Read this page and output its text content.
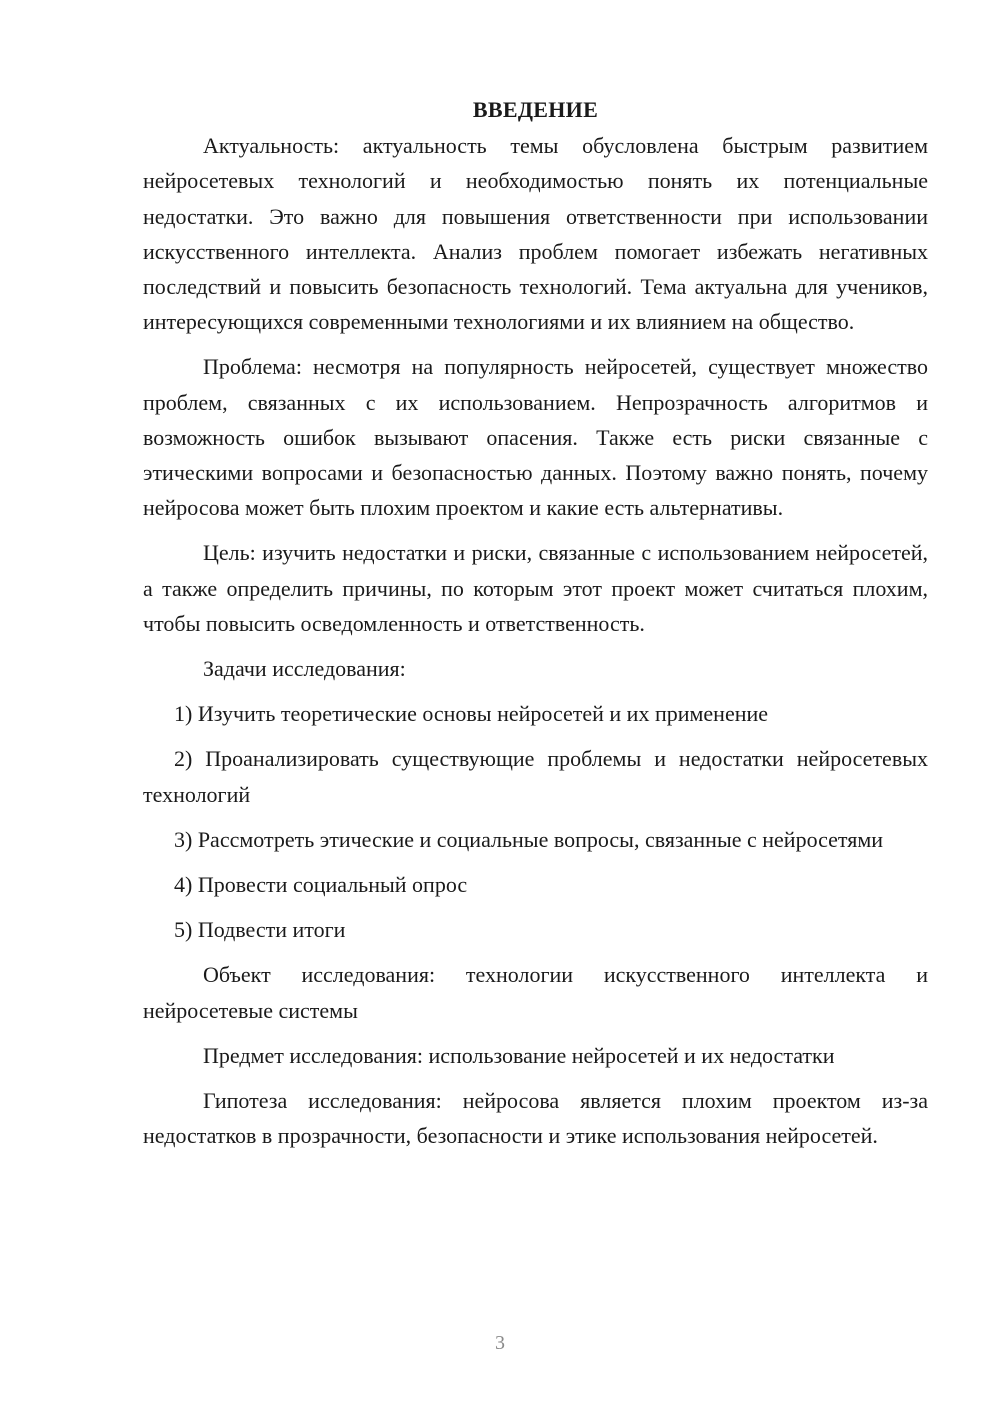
ВВЕДЕНИЕ

Актуальность: актуальность темы обусловлена быстрым развитием нейросетевых технологий и необходимостью понять их потенциальные недостатки. Это важно для повышения ответственности при использовании искусственного интеллекта. Анализ проблем помогает избежать негативных последствий и повысить безопасность технологий. Тема актуальна для учеников, интересующихся современными технологиями и их влиянием на общество.

Проблема: несмотря на популярность нейросетей, существует множество проблем, связанных с их использованием. Непрозрачность алгоритмов и возможность ошибок вызывают опасения. Также есть риски связанные с этическими вопросами и безопасностью данных. Поэтому важно понять, почему нейросова может быть плохим проектом и какие есть альтернативы.

Цель: изучить недостатки и риски, связанные с использованием нейросетей, а также определить причины, по которым этот проект может считаться плохим, чтобы повысить осведомленность и ответственность.

Задачи исследования:

1) Изучить теоретические основы нейросетей и их применение

2) Проанализировать существующие проблемы и недостатки нейросетевых технологий

3) Рассмотреть этические и социальные вопросы, связанные с нейросетями

4) Провести социальный опрос

5) Подвести итоги

Объект исследования: технологии искусственного интеллекта и нейросетевые системы

Предмет исследования: использование нейросетей и их недостатки

Гипотеза исследования: нейросова является плохим проектом из-за недостатков в прозрачности, безопасности и этике использования нейросетей.

3
